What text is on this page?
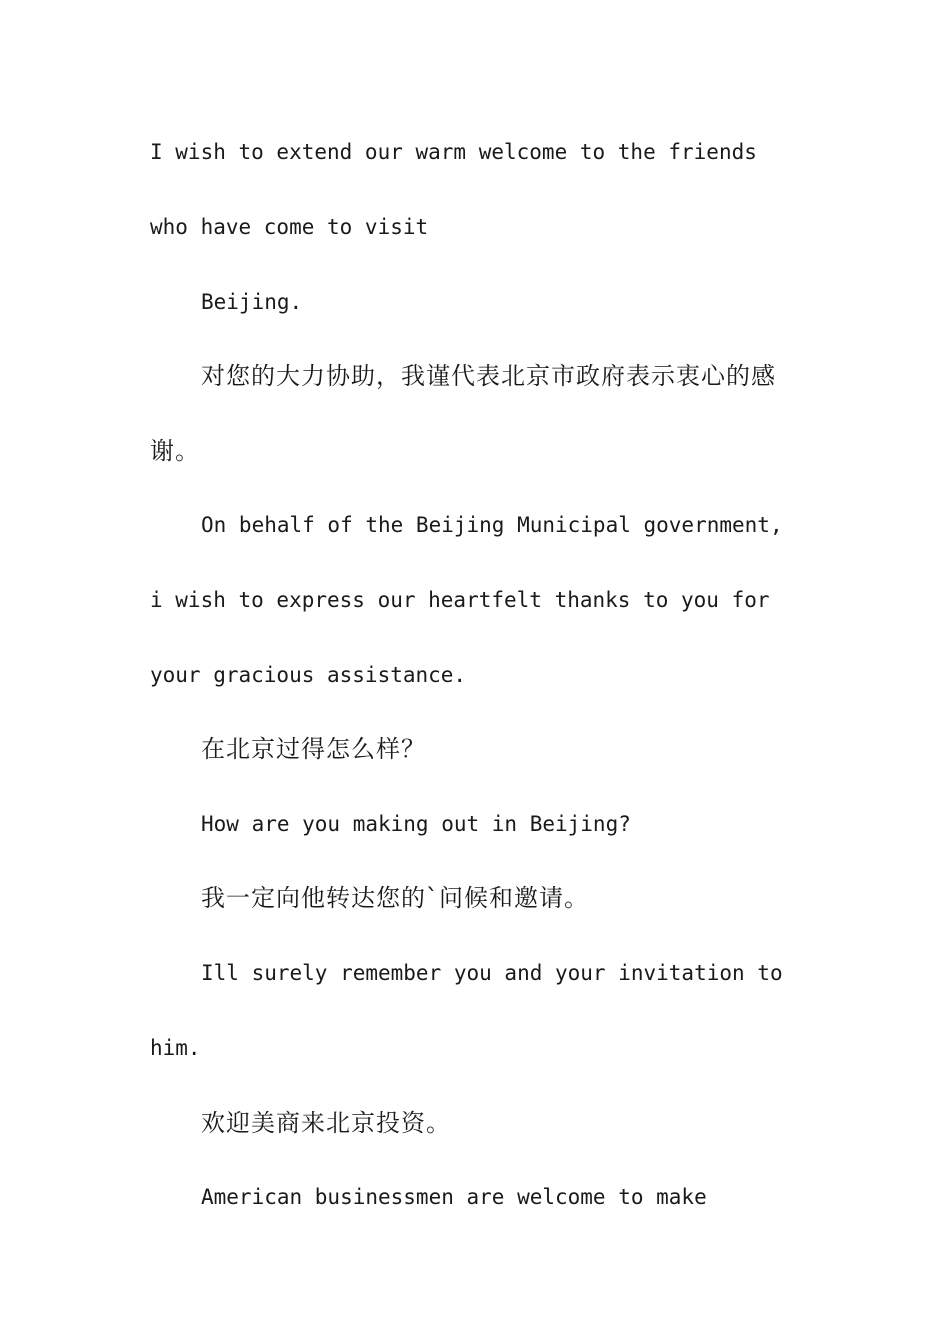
I wish to extend our warm welcome to the friends
who have come to visit
Beijing.
对您的大力协助，我谨代表北京市政府表示衷心的感
谢。
On behalf of the Beijing Municipal government,
i wish to express our heartfelt thanks to you for
your gracious assistance.
在北京过得怎么样？
How are you making out in Beijing?
我一定向他转达您的`问候和邀请。
Ill surely remember you and your invitation to
him.
欢迎美商来北京投资。
American businessmen are welcome to make
